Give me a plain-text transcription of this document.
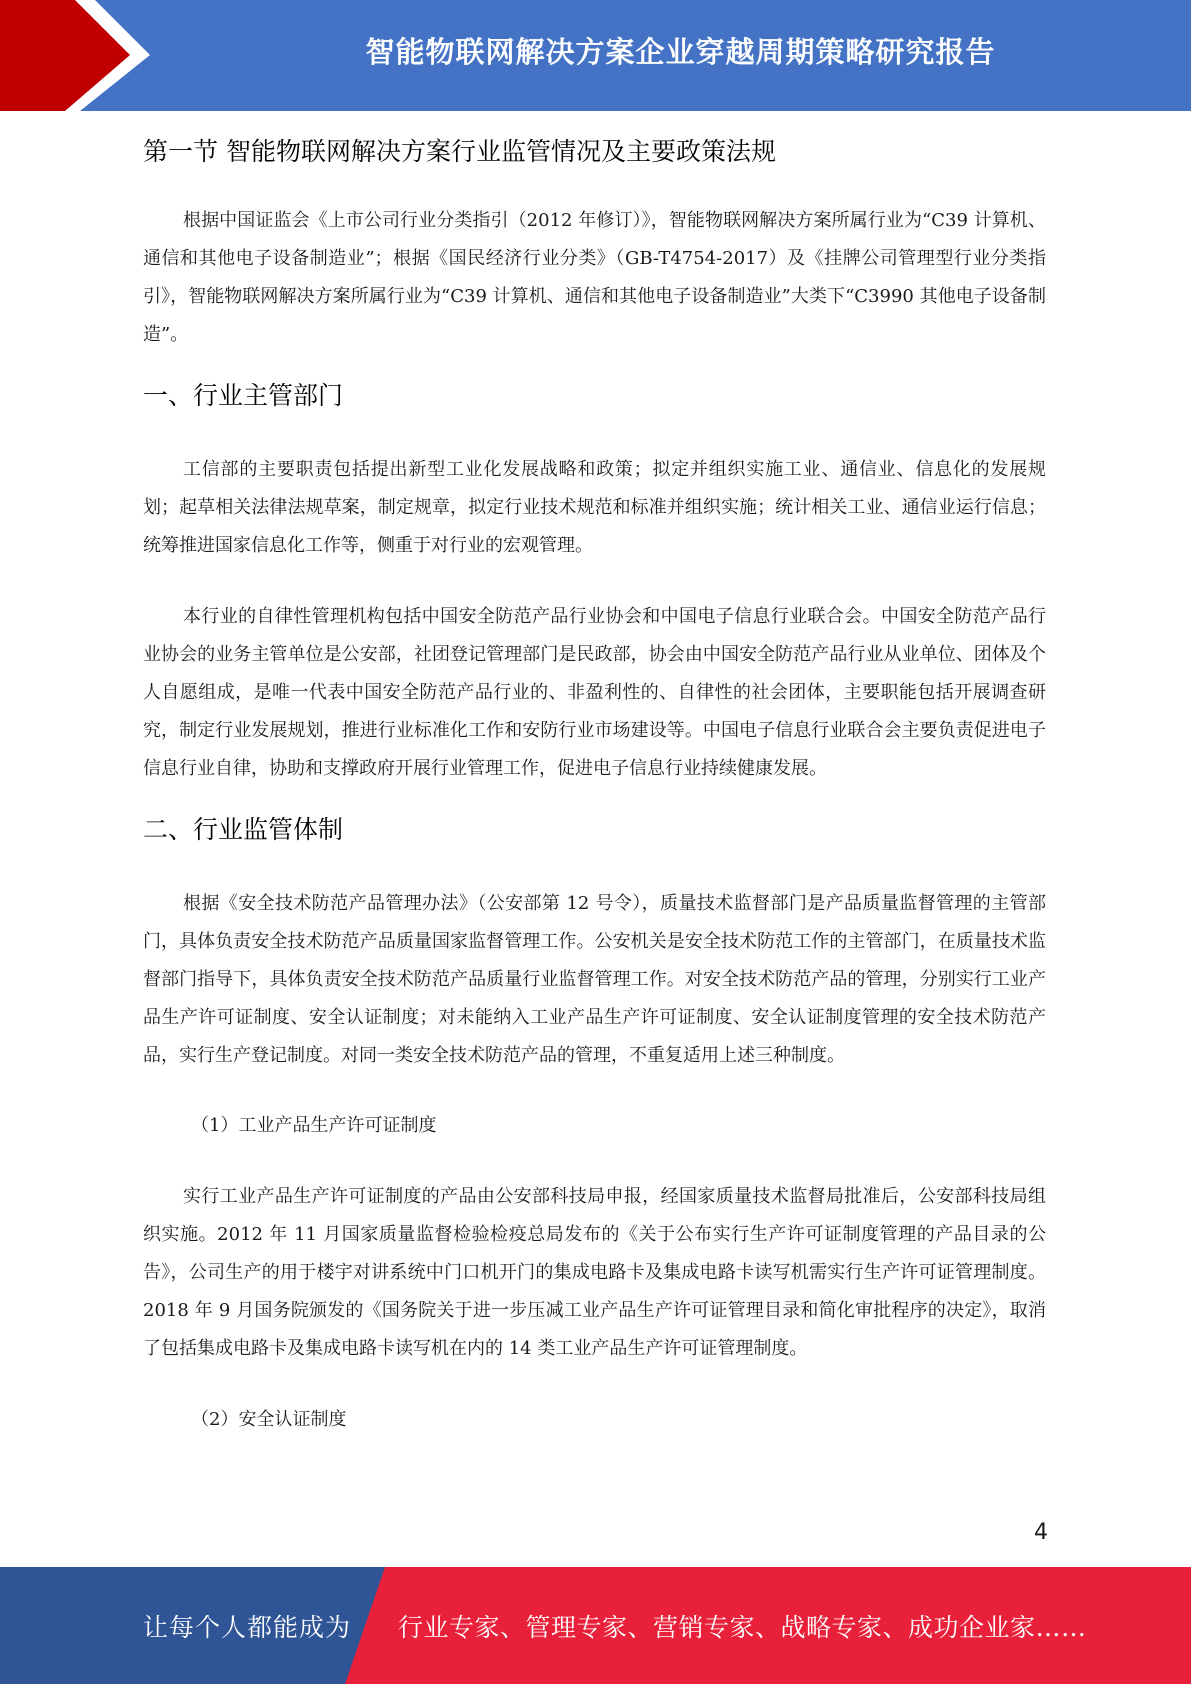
智能物联网解决方案企业穿越周期策略研究报告
第一节 智能物联网解决方案行业监管情况及主要政策法规

根据中国证监会《上市公司行业分类指引（2012 年修订）》，智能物联网解决方案所属行业为“C39 计算机、通信和其他电子设备制造业”；根据《国民经济行业分类》（GB-T4754-2017）及《挂牌公司管理型行业分类指引》，智能物联网解决方案所属行业为“C39 计算机、通信和其他电子设备制造业”大类下“C3990 其他电子设备制造”。

一、行业主管部门

工信部的主要职责包括提出新型工业化发展战略和政策；拟定并组织实施工业、通信业、信息化的发展规划；起草相关法律法规草案，制定规章，拟定行业技术规范和标准并组织实施；统计相关工业、通信业运行信息；统筹推进国家信息化工作等，侧重于对行业的宏观管理。

本行业的自律性管理机构包括中国安全防范产品行业协会和中国电子信息行业联合会。中国安全防范产品行业协会的业务主管单位是公安部，社团登记管理部门是民政部，协会由中国安全防范产品行业从业单位、团体及个人自愿组成，是唯一代表中国安全防范产品行业的、非盈利性的、自律性的社会团体，主要职能包括开展调查研究，制定行业发展规划，推进行业标准化工作和安防行业市场建设等。中国电子信息行业联合会主要负责促进电子信息行业自律，协助和支撑政府开展行业管理工作，促进电子信息行业持续健康发展。

二、行业监管体制

根据《安全技术防范产品管理办法》（公安部第 12 号令），质量技术监督部门是产品质量监督管理的主管部门，具体负责安全技术防范产品质量国家监督管理工作。公安机关是安全技术防范工作的主管部门，在质量技术监督部门指导下，具体负责安全技术防范产品质量行业监督管理工作。对安全技术防范产品的管理，分别实行工业产品生产许可证制度、安全认证制度；对未能纳入工业产品生产许可证制度、安全认证制度管理的安全技术防范产品，实行生产登记制度。对同一类安全技术防范产品的管理，不重复适用上述三种制度。

（1）工业产品生产许可证制度

实行工业产品生产许可证制度的产品由公安部科技局申报，经国家质量技术监督局批准后，公安部科技局组织实施。2012 年 11 月国家质量监督检验检疫总局发布的《关于公布实行生产许可证制度管理的产品目录的公告》，公司生产的用于楼宇对讲系统中门口机开门的集成电路卡及集成电路卡读写机需实行生产许可证管理制度。2018 年 9 月国务院颁发的《国务院关于进一步压减工业产品生产许可证管理目录和简化审批程序的决定》，取消了包括集成电路卡及集成电路卡读写机在内的 14 类工业产品生产许可证管理制度。

（2）安全认证制度

4
让每个人都能成为 行业专家、管理专家、营销专家、战略专家、成功企业家……
